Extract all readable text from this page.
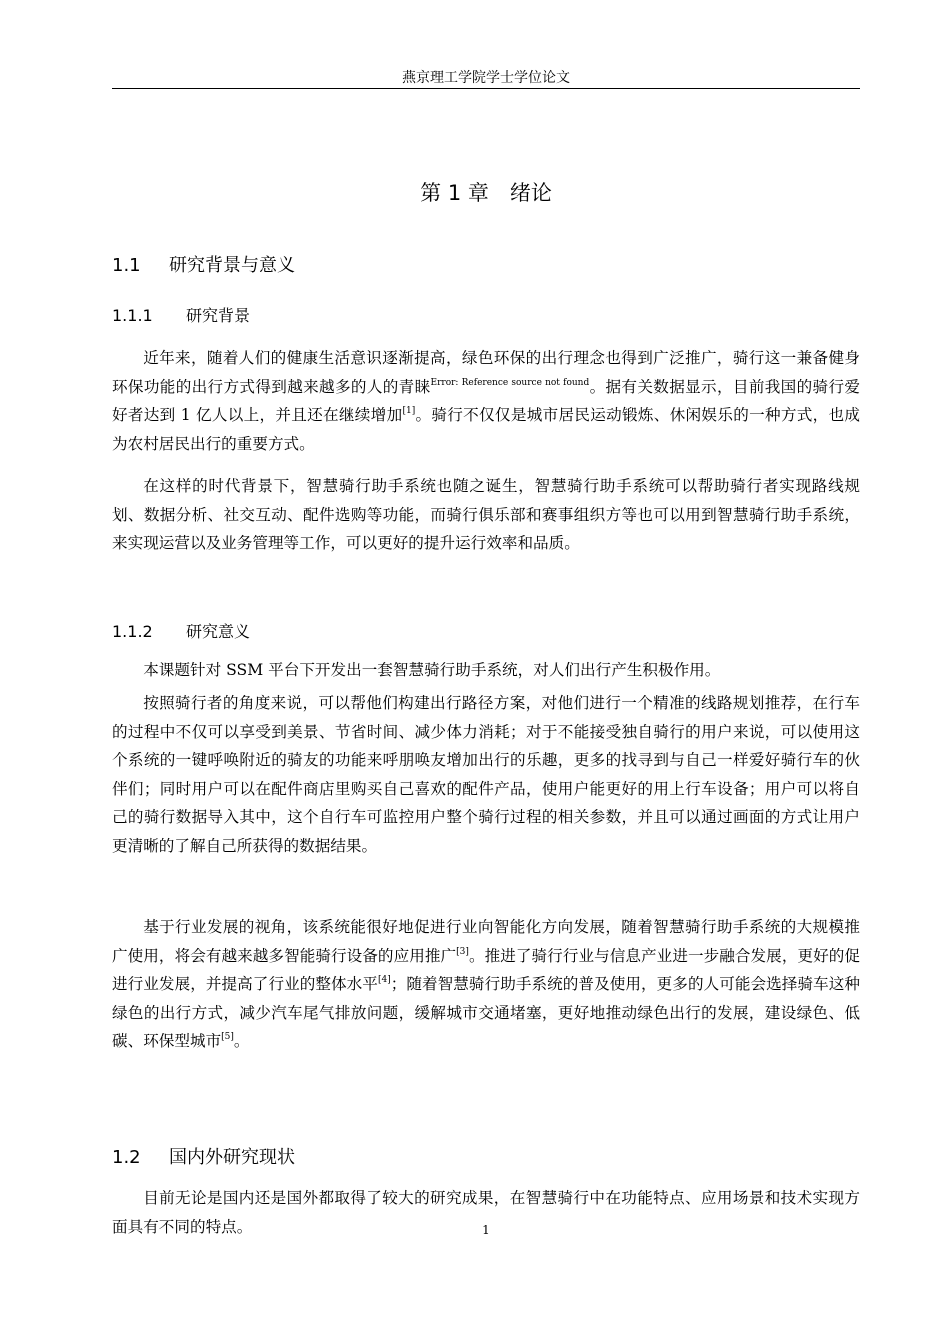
燕京理工学院学士学位论文
第 1 章　绪论
1.1 研究背景与意义
1.1.1 研究背景

近年来，随着人们的健康生活意识逐渐提高，绿色环保的出行理念也得到广泛推广，骑行这一兼备健身环保功能的出行方式得到越来越多的人的青睐$^{Error: Reference source not found}$。据有关数据显示，目前我国的骑行爱好者达到 1 亿人以上，并且还在继续增加[1]。骑行不仅仅是城市居民运动锻炼、休闲娱乐的一种方式，也成为农村居民出行的重要方式。

在这样的时代背景下，智慧骑行助手系统也随之诞生，智慧骑行助手系统可以帮助骑行者实现路线规划、数据分析、社交互动、配件选购等功能，而骑行俱乐部和赛事组织方等也可以用到智慧骑行助手系统，来实现运营以及业务管理等工作，可以更好的提升运行效率和品质。

1.1.2 研究意义

本课题针对 SSM 平台下开发出一套智慧骑行助手系统，对人们出行产生积极作用。

按照骑行者的角度来说，可以帮他们构建出行路径方案，对他们进行一个精准的线路规划推荐，在行车的过程中不仅可以享受到美景、节省时间、减少体力消耗；对于不能接受独自骑行的用户来说，可以使用这个系统的一键呼唤附近的骑友的功能来呼朋唤友增加出行的乐趣，更多的找寻到与自己一样爱好骑行车的伙伴们；同时用户可以在配件商店里购买自己喜欢的配件产品，使用户能更好的用上行车设备；用户可以将自己的骑行数据导入其中，这个自行车可监控用户整个骑行过程的相关参数，并且可以通过画面的方式让用户更清晰的了解自己所获得的数据结果。

基于行业发展的视角，该系统能很好地促进行业向智能化方向发展，随着智慧骑行助手系统的大规模推广使用，将会有越来越多智能骑行设备的应用推广[3]。推进了骑行行业与信息产业进一步融合发展，更好的促进行业发展，并提高了行业的整体水平[4]；随着智慧骑行助手系统的普及使用，更多的人可能会选择骑车这种绿色的出行方式，减少汽车尾气排放问题，缓解城市交通堵塞，更好地推动绿色出行的发展，建设绿色、低碳、环保型城市[5]。

1.2 国内外研究现状

目前无论是国内还是国外都取得了较大的研究成果，在智慧骑行中在功能特点、应用场景和技术实现方面具有不同的特点。	1
